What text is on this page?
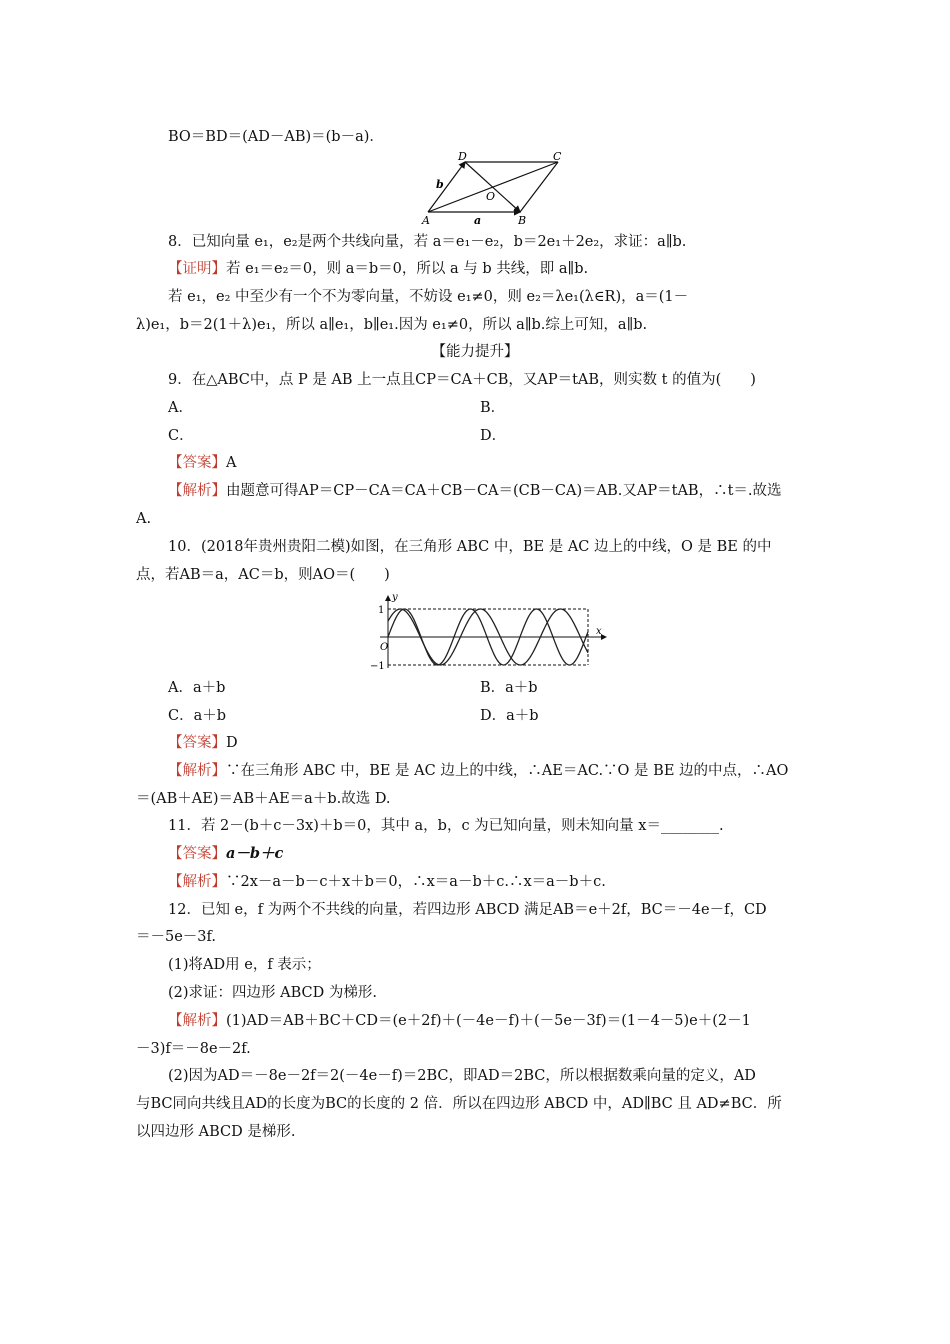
BO＝BD＝(AD－AB)＝(b－a)．
D	C
A	B
O
a
b
8．已知向量 e₁，e₂是两个共线向量，若 a＝e₁－e₂，b＝2e₁＋2e₂，求证：a∥b.
【证明】若 e₁＝e₂＝0，则 a＝b＝0，所以 a 与 b 共线，即 a∥b.
若 e₁，e₂ 中至少有一个不为零向量，不妨设 e₁≠0，则 e₂＝λe₁(λ∈R)，a＝(1－
λ)e₁，b＝2(1＋λ)e₁，所以 a∥e₁，b∥e₁.因为 e₁≠0，所以 a∥b.综上可知，a∥b.
【能力提升】
9．在△ABC中，点 P 是 AB 上一点且CP＝CA＋CB，又AP＝tAB，则实数 t 的值为(　　)
A．	B．
C．	D．
【答案】A
【解析】由题意可得AP＝CP－CA＝CA＋CB－CA＝(CB－CA)＝AB.又AP＝tAB，∴t＝.故选
A.
10．(2018年贵州贵阳二模)如图，在三角形 ABC 中，BE 是 AC 边上的中线，O 是 BE 的中
点，若AB＝a，AC＝b，则AO＝(　　)
y
x
O
1
−1
A．a＋b	B．a＋b
C．a＋b	D．a＋b
【答案】D
【解析】∵在三角形 ABC 中，BE 是 AC 边上的中线，∴AE＝AC.∵O 是 BE 边的中点，∴AO
＝(AB＋AE)＝AB＋AE＝a＋b.故选 D.
11．若 2－(b＋c－3x)＋b＝0，其中 a，b，c 为已知向量，则未知向量 x＝________.
【答案】a－b＋c
【解析】∵2x－a－b－c＋x＋b＝0，∴x＝a－b＋c.∴x＝a－b＋c.
12．已知 e，f 为两个不共线的向量，若四边形 ABCD 满足AB＝e＋2f，BC＝－4e－f，CD
＝－5e－3f.
(1)将AD用 e，f 表示；
(2)求证：四边形 ABCD 为梯形.
【解析】(1)AD＝AB＋BC＋CD＝(e＋2f)＋(－4e－f)＋(－5e－3f)＝(1－4－5)e＋(2－1
－3)f＝－8e－2f.
(2)因为AD＝－8e－2f＝2(－4e－f)＝2BC，即AD＝2BC，所以根据数乘向量的定义，AD
与BC同向共线且AD的长度为BC的长度的 2 倍．所以在四边形 ABCD 中，AD∥BC 且 AD≠BC．所
以四边形 ABCD 是梯形.
